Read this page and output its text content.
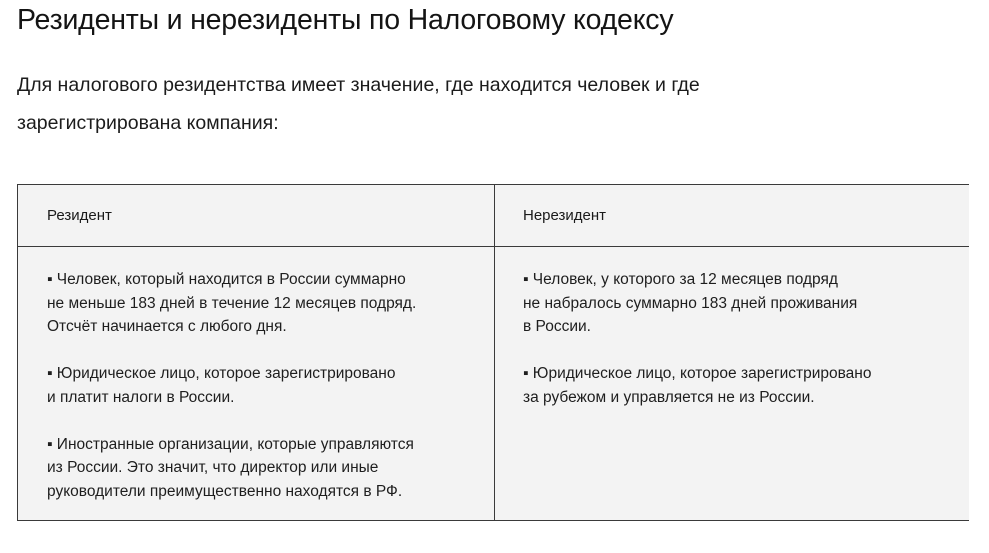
Резиденты и нерезиденты по Налоговому кодексу
Для налогового резидентства имеет значение, где находится человек и где
зарегистрирована компания:
Резидент	Нерезидент

▪ Человек, который находится в России суммарно
не меньше 183 дней в течение 12 месяцев подряд.
Отсчёт начинается с любого дня.

▪ Юридическое лицо, которое зарегистрировано
и платит налоги в России.

▪ Иностранные организации, которые управляются
из России. Это значит, что директор или иные
руководители преимущественно находятся в РФ.

▪ Человек, у которого за 12 месяцев подряд
не набралось суммарно 183 дней проживания
в России.

▪ Юридическое лицо, которое зарегистрировано
за рубежом и управляется не из России.
